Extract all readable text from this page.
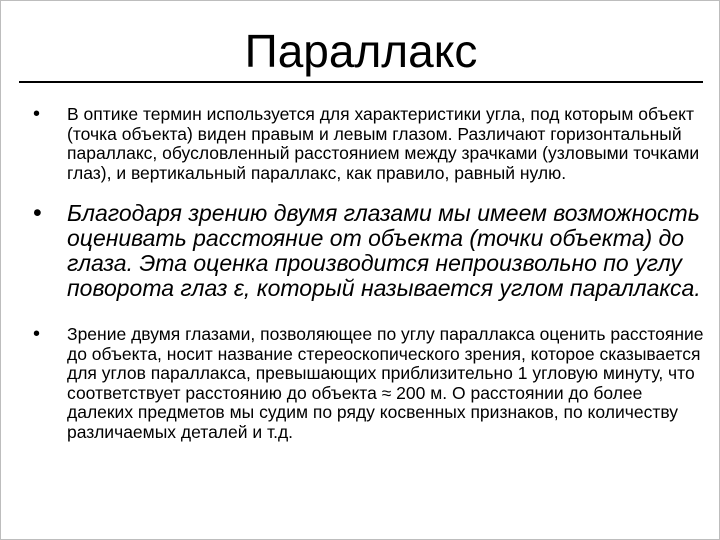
Параллакс
•	В оптике термин используется для характеристики угла, под которым объект (точка объекта) виден правым и левым глазом. Различают горизонтальный параллакс, обусловленный расстоянием между зрачками (узловыми точками глаз), и вертикальный параллакс, как правило, равный нулю.
•	Благодаря зрению двумя глазами мы имеем возможность оценивать расстояние от объекта (точки объекта) до глаза. Эта оценка производится непроизвольно по углу поворота глаз ε, который называется углом параллакса.
•	Зрение двумя глазами, позволяющее по углу параллакса оценить расстояние до объекта, носит название стереоскопического зрения, которое сказывается для углов параллакса, превышающих приблизительно 1 угловую минуту, что соответствует расстоянию до объекта ≈ 200 м. О расстоянии до более далеких предметов мы судим по ряду косвенных признаков, по количеству различаемых деталей и т.д.
